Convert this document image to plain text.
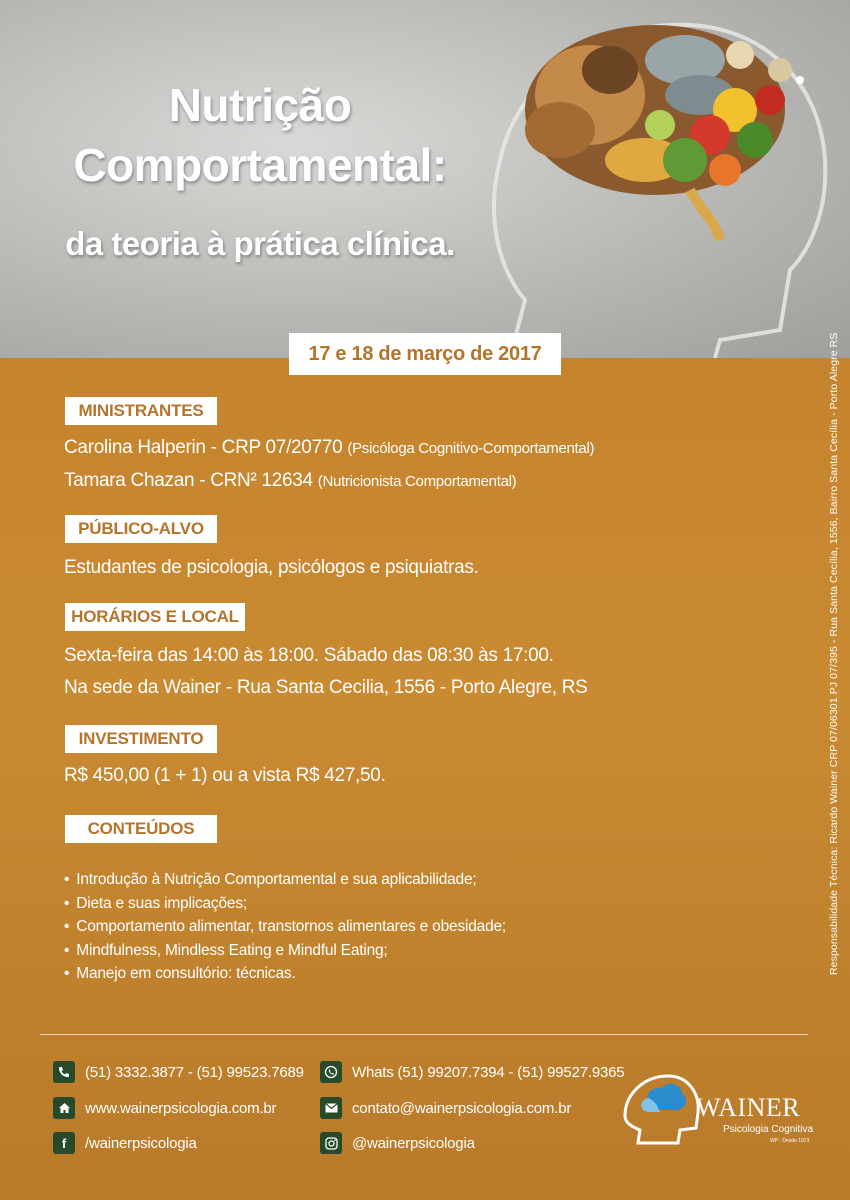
Nutrição
Comportamental:
da teoria à prática clínica.
17 e 18 de março de 2017
MINISTRANTES
Carolina Halperin - CRP 07/20770 (Psicóloga Cognitivo-Comportamental)
Tamara Chazan - CRN² 12634 (Nutricionista Comportamental)
PÚBLICO-ALVO
Estudantes de psicologia, psicólogos e psiquiatras.
HORÁRIOS E LOCAL
Sexta-feira das 14:00 às 18:00. Sábado das 08:30 às 17:00.
Na sede da Wainer - Rua Santa Cecilia, 1556 - Porto Alegre, RS
INVESTIMENTO
R$ 450,00 (1 + 1) ou a vista R$ 427,50.
CONTEÚDOS
• Introdução à Nutrição Comportamental e sua aplicabilidade;
• Dieta e suas implicações;
• Comportamento alimentar, transtornos alimentares e obesidade;
• Mindfulness, Mindless Eating e Mindful Eating;
• Manejo em consultório: técnicas.
(51) 3332.3877 - (51) 99523.7689	Whats (51) 99207.7394 - (51) 99527.9365
www.wainerpsicologia.com.br	contato@wainerpsicologia.com.br
f	/wainerpsicologia	@wainerpsicologia
WAINER
Psicologia Cognitiva
WP - Desde 1973
Responsabilidade Técnica: Ricardo Wainer CRP 07/06301 PJ 07/395 - Rua Santa Cecília, 1556, Bairro Santa Cecília - Porto Alegre RS
